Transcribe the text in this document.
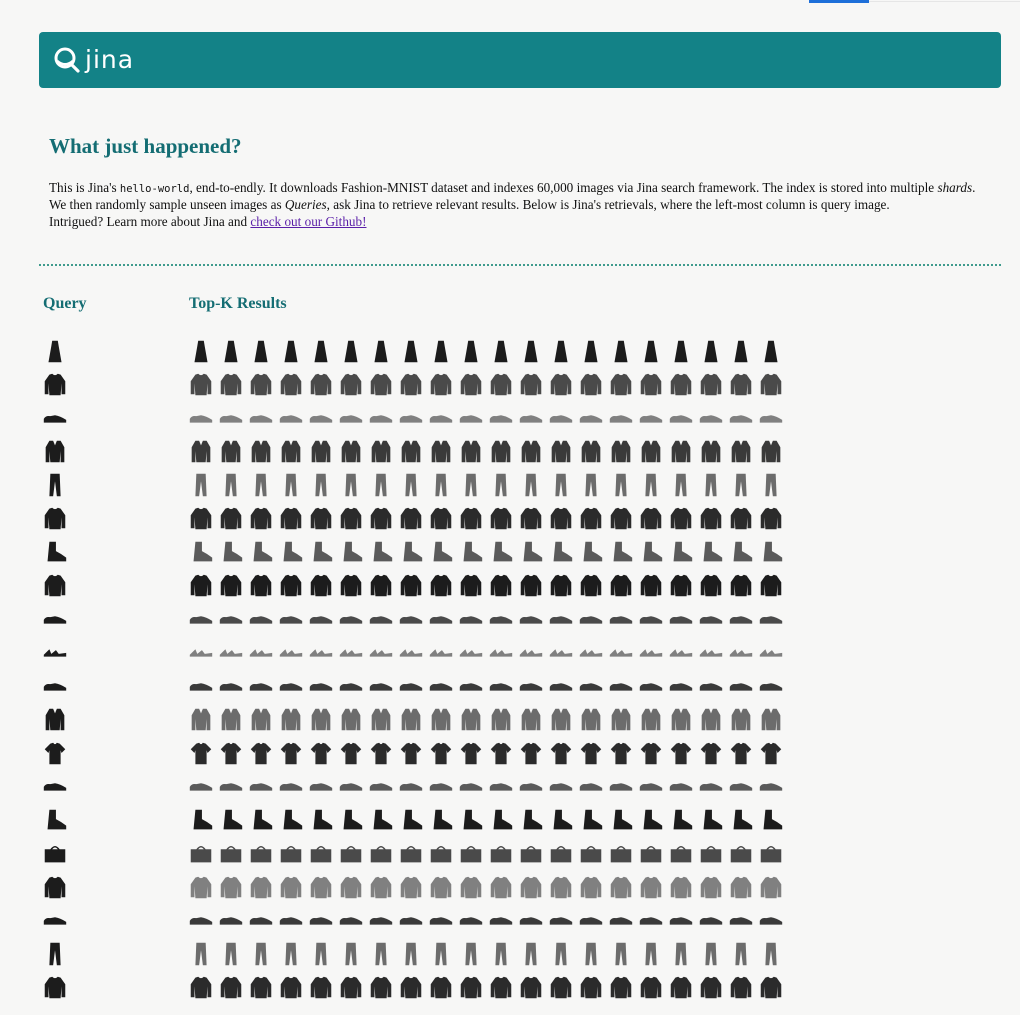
jina
What just happened?
This is Jina's hello-world, end-to-endly. It downloads Fashion-MNIST dataset and indexes 60,000 images via Jina search framework. The index is stored into multiple shards. We then randomly sample unseen images as Queries, ask Jina to retrieve relevant results. Below is Jina's retrievals, where the left-most column is query image.
Intrigued? Learn more about Jina and check out our Github!
Query	Top-K Results
